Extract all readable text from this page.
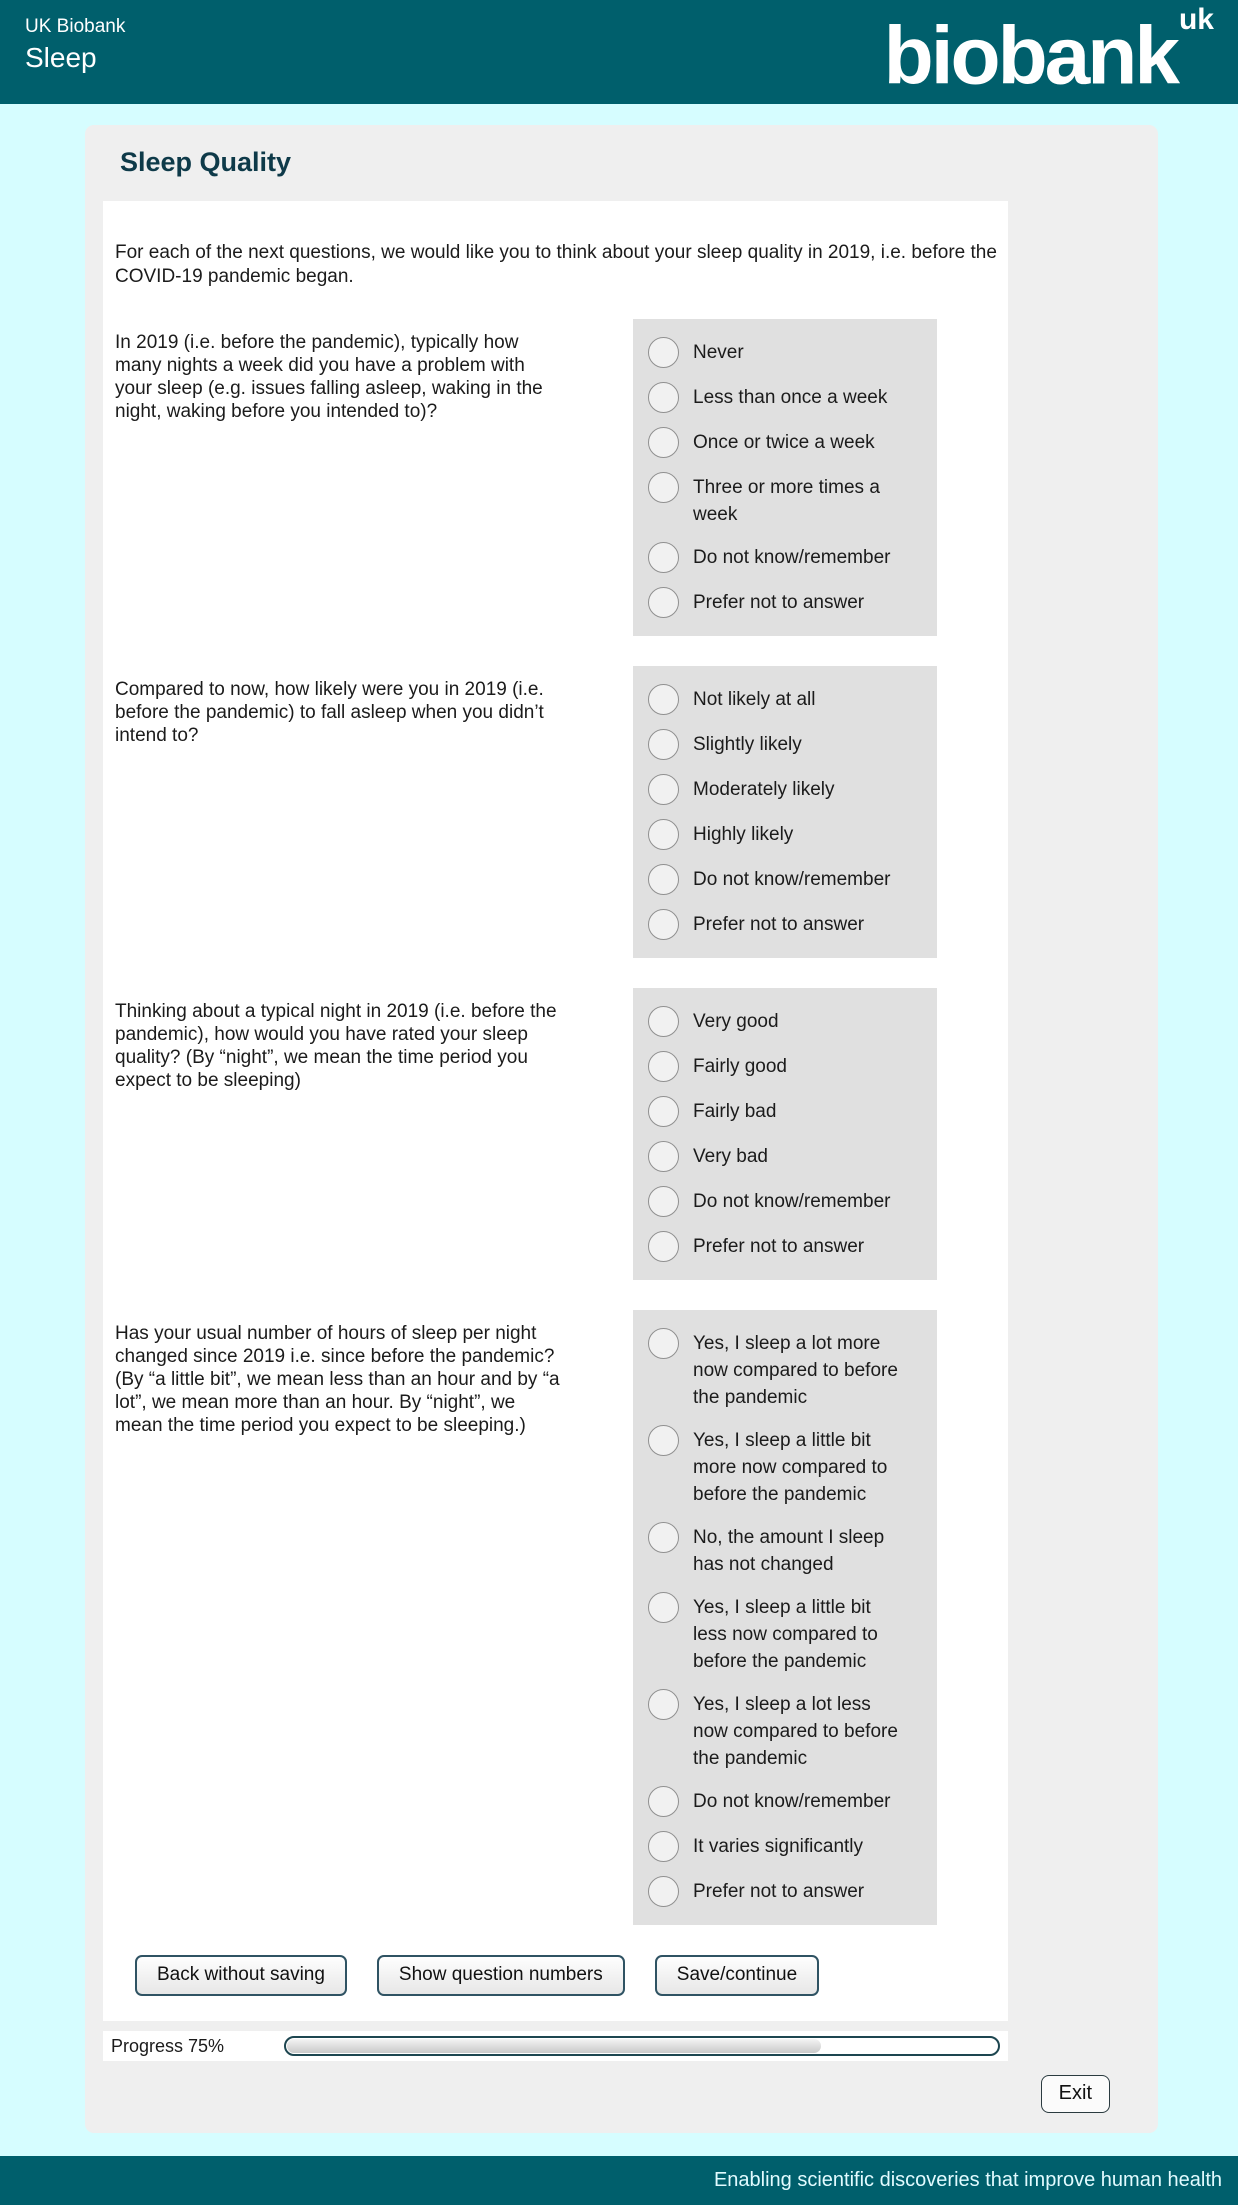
UK Biobank
Sleep	biobank$^{uk}$
Sleep Quality
For each of the next questions, we would like you to think about your sleep quality in 2019, i.e. before the COVID-19 pandemic began.
In 2019 (i.e. before the pandemic), typically how many nights a week did you have a problem with your sleep (e.g. issues falling asleep, waking in the night, waking before you intended to)?
Never
Less than once a week
Once or twice a week
Three or more times a week
Do not know/remember
Prefer not to answer
Compared to now, how likely were you in 2019 (i.e. before the pandemic) to fall asleep when you didn’t intend to?
Not likely at all
Slightly likely
Moderately likely
Highly likely
Do not know/remember
Prefer not to answer
Thinking about a typical night in 2019 (i.e. before the pandemic), how would you have rated your sleep quality? (By “night”, we mean the time period you expect to be sleeping)
Very good
Fairly good
Fairly bad
Very bad
Do not know/remember
Prefer not to answer
Has your usual number of hours of sleep per night changed since 2019 i.e. since before the pandemic? (By “a little bit”, we mean less than an hour and by “a lot”, we mean more than an hour. By “night”, we mean the time period you expect to be sleeping.)
Yes, I sleep a lot more now compared to before the pandemic
Yes, I sleep a little bit more now compared to before the pandemic
No, the amount I sleep has not changed
Yes, I sleep a little bit less now compared to before the pandemic
Yes, I sleep a lot less now compared to before the pandemic
Do not know/remember
It varies significantly
Prefer not to answer
Back without saving	Show question numbers	Save/continue
Progress 75%
Exit
Enabling scientific discoveries that improve human health
